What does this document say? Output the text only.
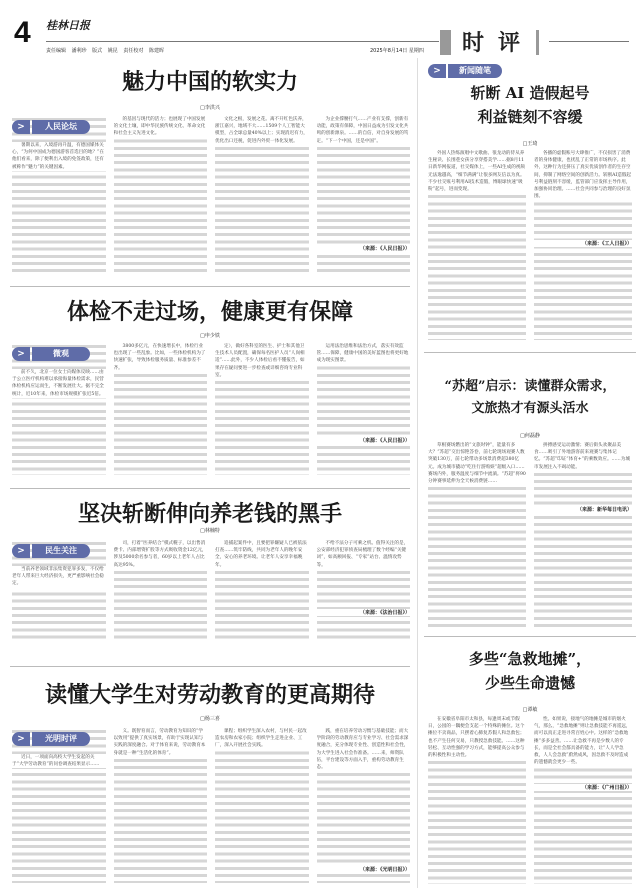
4 桂林日报
责任编辑 潘利珍 版式 姚昆 责任校对 陈建晖	2025年8月14日 星期四 时评
魅力中国的软实力
□李洪兴
>	人民论坛

暑期以来，入境游再升温，有德国媒体关心，“为何中国成为德国游客首选目的地？”在他们看来，除了便利出入境的免签政策，还有被称作“魅力”的关键因素。

的基因与现代的活力；也展现了中国发展的文化土壤，即中华民族传统文化、革命文化和社会主义先进文化。

文化之根，发展之花。离不开红色沃养，浙江嘉兴，地域不大……1509个人工智能大模型，占全球总量40%以上；实现消迟有力，优化出口还税，促进内外贸一体化发展。

为企业撑腰打气……产业有支撑，创新有动能，政策有保障，中国日益成为引发文化共鸣的创新源泉。……的自信，对自身发展的笃定。“下一个中国，还是中国”。

（来源：《人民日报》）
体检不走过场，健康更有保障
□申少铁
>	微观

前不久，北京一位女士向媒体反映……由于公立医疗机构难以承接海量体检需求，民营体检机构应运而生，不断发展壮大。据不完全统计，近10年来，体检市场规模扩张近5倍。

3800多亿元，在快速增长中，体检行业也出现了一些乱象。比如，一些体检机构为了快速扩张，导致体检服务质量、标准参差不齐。

定），做好各科室的医生、护士和其他卫生技术人员配置，确保每名医护人员“人岗相适”……此外，不少人体检后看不懂报告，如果存在疑问要进一步检查或详细咨询专业科室。

运用法治思维和法治方式，落实有效监管……保障，健康中国的美好蓝图也将更好地成为现实图景。

（来源：《人民日报》）
坚决斩断伸向养老钱的黑手
□林楠特
>	民生关注

当前养老领域非法集资犯罪多发，不仅给老年人带来巨大经济损失，更严重影响社会稳定。

司，打着“医养结合”模式幌子，以出售消费卡、内部增资扩股等方式吸收资金12亿元，涉及5000余名参与者，60岁以上老年人占比高达95%。

追捕起案件中，且要把罪嫌疑人已被依法打查……筑牢防线，共同为老年人的晚年安全，安心的养老环境。让老年人安享幸福晚年。

不给不法分子可乘之机。值得关注的是，公安部经济犯罪侦查局梳理了数个经编“关键词”，如高额回报、“专家”站台、温情攻势等。

（来源：《法治日报》）
读懂大学生对劳动教育的更高期待
□杨三喜
>	光明时评

近日，一项面向高校大学生发起的关于“大学劳动教育”的问卷调查结果显示……

义。既智育而言，劳动教育为知识的“学以致用”提供了真实场景，有助于实现认知与实践的深度融合。对于体育来说，劳动教育本身就是一种“生活化的体育”。

课程；组织学生深入农村，与村民一起改造农房和农家小院；组织学生走进企业、工厂，深入开展社会实践。

践，重在培养劳动习惯与基础技能；而大学阶段的劳动教育应与专业学习、社会需求深度融合，充分体现专业性、创造性和社会性，为大学生进入社会作准备。……来，师资队伍，平台建设等方面入手，重构劳动教育生态。

（来源：《光明日报》）
>	新闻随笔
斩断 AI 造假起号
利益链刻不容缓
□王琦

外国人热练演唱中文歌曲、很龙动的侍从养生秘诀、长围巷女孩分享穿搭美学……据8月11日新华网报道，社交媒体上，一些AI生成的视频无法逸越高，“细节满满”让很多网友信以为真。不少社交账号利用AI技术造假，博眼球快速“吸粉”起号，进而变现。

各播的虚假账号大肆推广，不仅损害了消费者的身体健康，也扰乱了正常的市场秩序。此外，这种行为还挤压了真实优质创作者的生存空间，抑制了网络空间的创新活力。斩断AI造假起号利益链刻不容缓，监管部门应发挥主导作用，加强协同治理。……社会共同参与治理的良好氛围。

（来源：《工人日报》）
“苏超”启示：读懂群众需求，
文旅热才有源头活水
□何磊静

草根赛场燃出的“文旅时钟”，能量有多大？“苏超”交出惊艳答卷，前七轮现场观赛人数突破130万，前七轮带动多场景消费超380亿元。成为城市撬动“吃住行游购娱”超级入口……赛场内外，服务温度与细节中流淌。“苏超”将90分钟赛事延伸为全天候消费链……

拼搏感受运动激情；赛后街头欢聚品美食……吸引了外地游客前来观赛与集体记忆。“苏超”印证“体育+”的乘数效应。……为城市发展注入不竭动能。

（来源：新华每日电讯）
多些“急救地摊”，
少些生命遗憾
□谭敏

在安徽省阜阳市太和县，每逢周末或节假日，公园的一隅便会支起一个特殊的摊位。这个摊位不卖商品，只摆着心肺复苏假人和急救包；也不产生任何交易，只教授急救技能。……这种轻松、互动性强的学习方式，能够提高公众参与的积极性和主动性。

性。如果说，接地气的地摊是城市的烟火气，那么，“急救地摊”则让急救技能不再遥远，而可以真正走进寻常百姓心中。这样的“急救地摊”多多益善。……让急救不再是少数人的专长，而是全社会都具备的能力，让“人人学急救，人人会急救”蔚然成风，因急救不及时造成的遗憾就会更少一些。

（来源：《广州日报》）
